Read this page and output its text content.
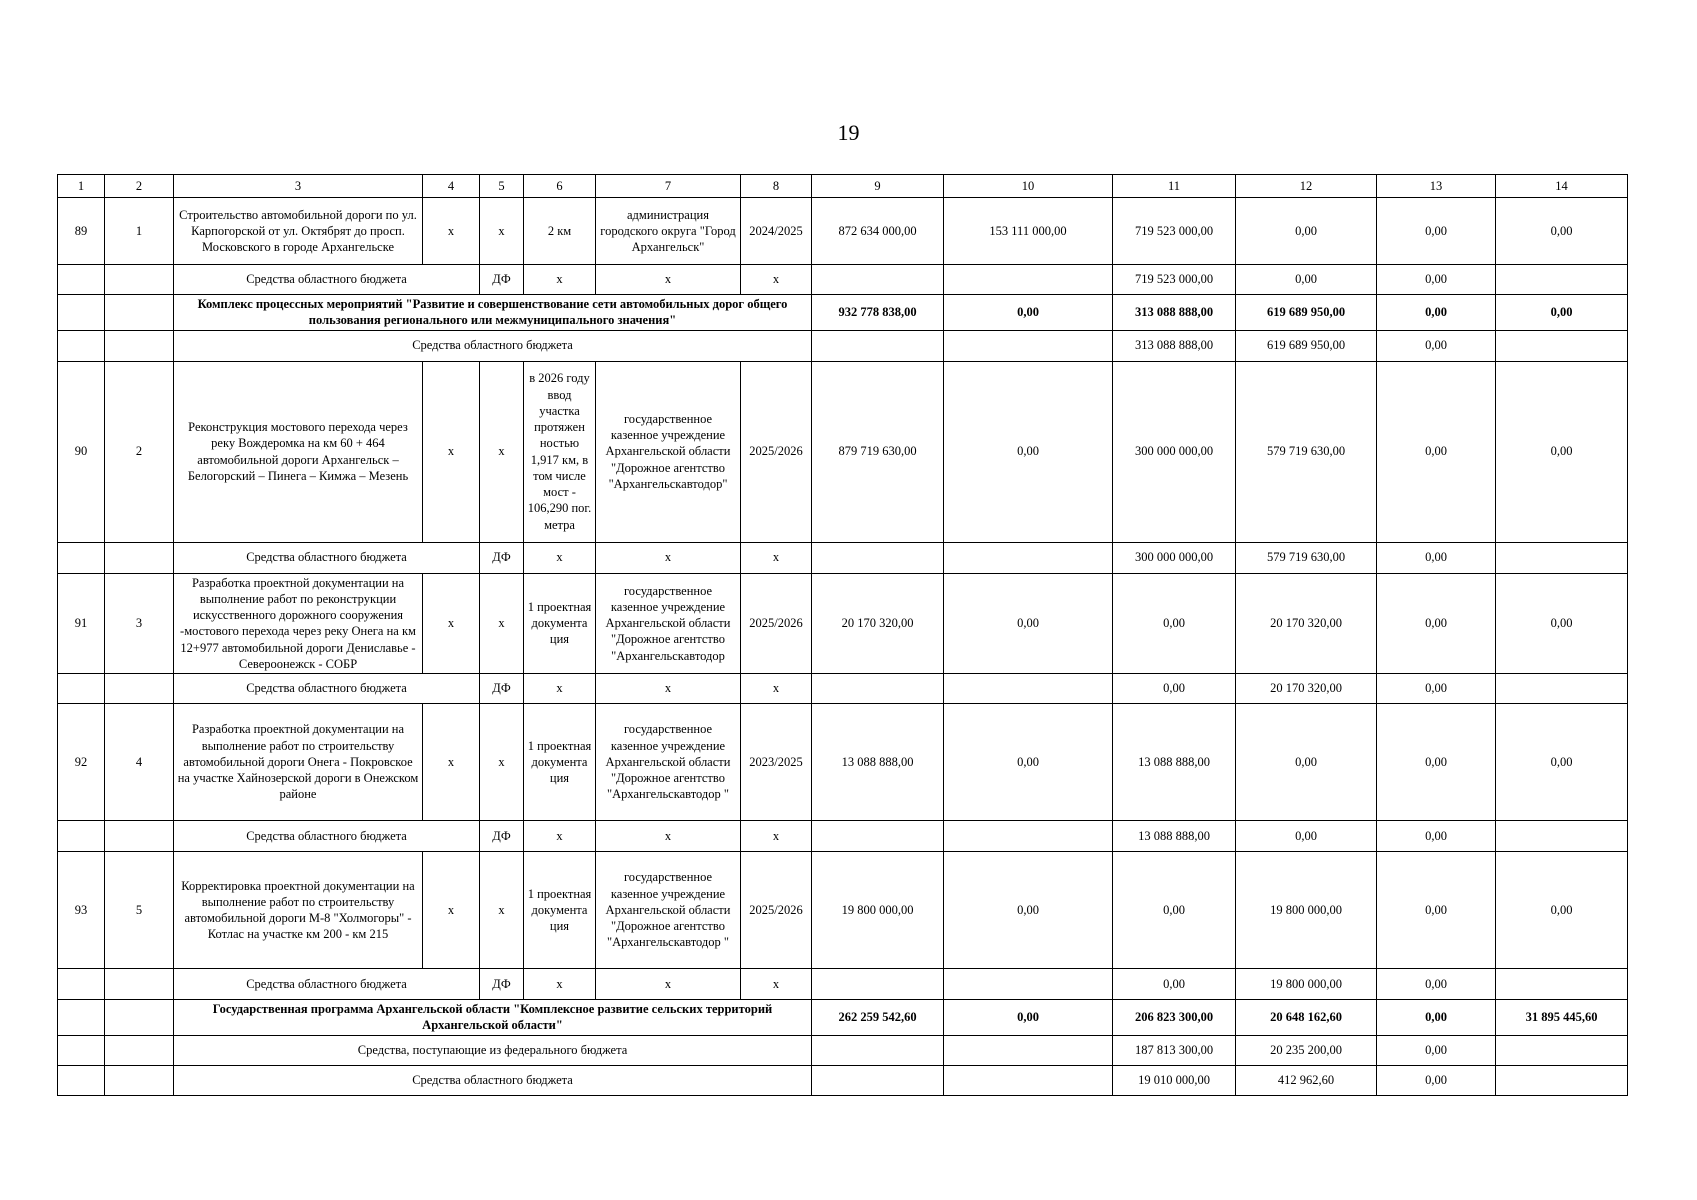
19
1	2	3	4	5	6	7	8	9	10	11	12	13	14
89	1	Строительство автомобильной дороги по ул. Карпогорской от ул. Октябрят до просп. Московского в городе Архангельске	х	х	2 км	администрация городского округа "Город Архангельск"	2024/2025	872 634 000,00	153 111 000,00	719 523 000,00	0,00	0,00	0,00
		Средства областного бюджета		ДФ	х	х	х			719 523 000,00	0,00	0,00	
		Комплекс процессных мероприятий "Развитие и совершенствование сети автомобильных дорог общего пользования регионального или межмуниципального значения"						932 778 838,00	0,00	313 088 888,00	619 689 950,00	0,00	0,00
		Средства областного бюджета								313 088 888,00	619 689 950,00	0,00	
90	2	Реконструкция мостового перехода через реку Вождеромка на км 60 + 464 автомобильной дороги Архангельск – Белогорский – Пинега – Кимжа – Мезень	х	х	в 2026 году ввод участка протяжен ностью 1,917 км, в том числе мост - 106,290 пог. метра	государственное казенное учреждение Архангельской области "Дорожное агентство "Архангельскавтодор"	2025/2026	879 719 630,00	0,00	300 000 000,00	579 719 630,00	0,00	0,00
		Средства областного бюджета		ДФ	х	х	х			300 000 000,00	579 719 630,00	0,00	
91	3	Разработка проектной документации на выполнение работ по реконструкции искусственного дорожного сооружения -мостового перехода через реку Онега на км 12+977 автомобильной дороги Дениславье - Североонежск - СОБР	х	х	1 проектная документа ция	государственное казенное учреждение Архангельской области "Дорожное агентство "Архангельскавтодор	2025/2026	20 170 320,00	0,00	0,00	20 170 320,00	0,00	0,00
		Средства областного бюджета		ДФ	х	х	х			0,00	20 170 320,00	0,00	
92	4	Разработка проектной документации на выполнение работ по строительству автомобильной дороги Онега - Покровское на участке Хайнозерской дороги в Онежском районе	х	х	1 проектная документа ция	государственное казенное учреждение Архангельской области "Дорожное агентство "Архангельскавтодор "	2023/2025	13 088 888,00	0,00	13 088 888,00	0,00	0,00	0,00
		Средства областного бюджета		ДФ	х	х	х			13 088 888,00	0,00	0,00	
93	5	Корректировка проектной документации на выполнение работ по строительству автомобильной дороги М-8 "Холмогоры" - Котлас на участке км 200 - км 215	х	х	1 проектная документа ция	государственное казенное учреждение Архангельской области "Дорожное агентство "Архангельскавтодор "	2025/2026	19 800 000,00	0,00	0,00	19 800 000,00	0,00	0,00
		Средства областного бюджета		ДФ	х	х	х			0,00	19 800 000,00	0,00	
		Государственная программа Архангельской области "Комплексное развитие сельских территорий Архангельской области"						262 259 542,60	0,00	206 823 300,00	20 648 162,60	0,00	31 895 445,60
		Средства, поступающие из федерального бюджета								187 813 300,00	20 235 200,00	0,00	
		Средства областного бюджета								19 010 000,00	412 962,60	0,00	
